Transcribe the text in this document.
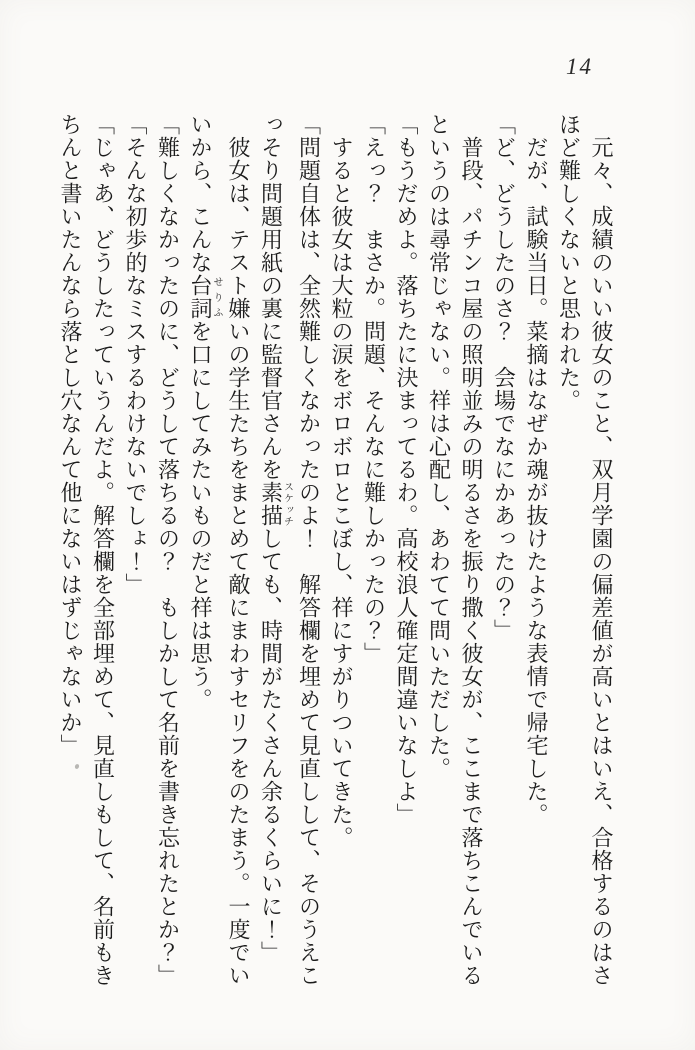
14

元々、成績のいい彼女のこと、双月学園の偏差値が高いとはいえ、合格するのはさ

ほど難しくないと思われた。

だが、試験当日。菜摘はなぜか魂が抜けたような表情で帰宅した。

「ど、どうしたのさ？　会場でなにかあったの？」

普段、パチンコ屋の照明並みの明るさを振り撒く彼女が、ここまで落ちこんでいる

というのは尋常じゃない。祥は心配し、あわてて問いただした。

「もうだめよ。落ちたに決まってるわ。高校浪人確定間違いなしよ」

「えっ？　まさか。問題、そんなに難しかったの？」

すると彼女は大粒の涙をボロボロとこぼし、祥にすがりついてきた。

「問題自体は、全然難しくなかったのよ！　解答欄を埋めて見直しして、そのうえこ

っそり問題用紙の裏に監督官さんを素描スケッチしても、時間がたくさん余るくらいに！」

彼女は、テスト嫌いの学生たちをまとめて敵にまわすセリフをのたまう。一度でい

いから、こんな台詞せりふを口にしてみたいものだと祥は思う。

「難しくなかったのに、どうして落ちるの？　もしかして名前を書き忘れたとか？」

「そんな初歩的なミスするわけないでしょ！」

「じゃあ、どうしたっていうんだよ。解答欄を全部埋めて、見直しもして、名前もき

ちんと書いたんなら落とし穴なんて他にないはずじゃないか」
